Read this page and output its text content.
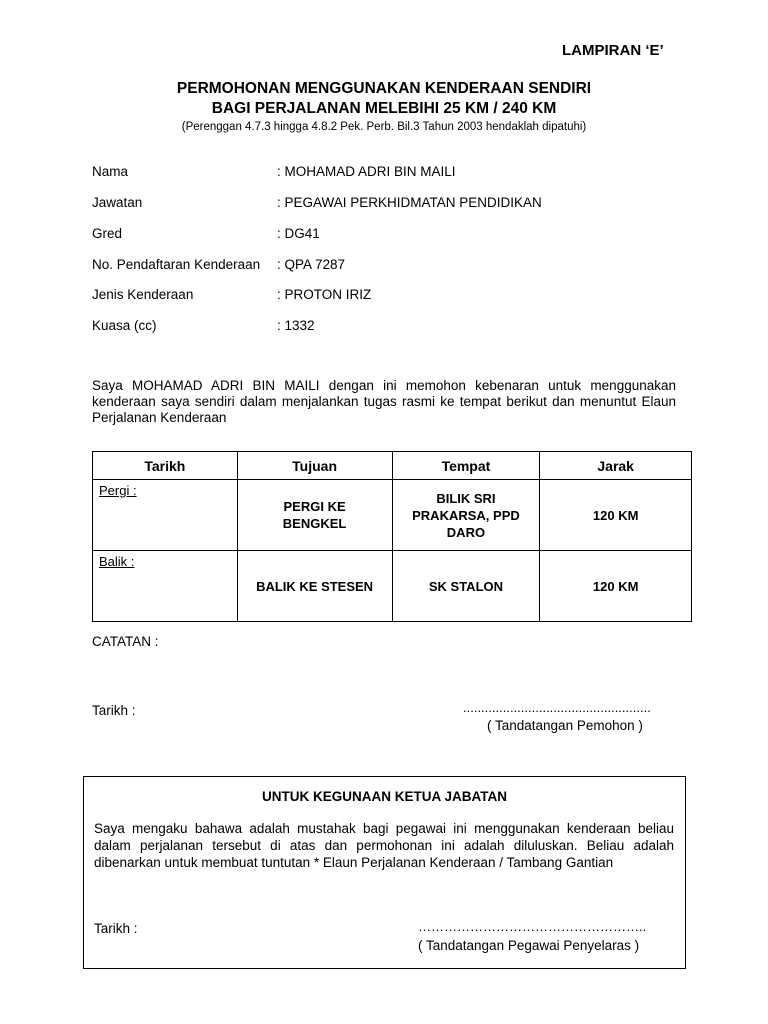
LAMPIRAN ‘E’
PERMOHONAN MENGGUNAKAN KENDERAAN SENDIRI
BAGI PERJALANAN MELEBIHI 25 KM / 240 KM
(Perenggan 4.7.3 hingga 4.8.2 Pek. Perb. Bil.3 Tahun 2003 hendaklah dipatuhi)
Nama	: MOHAMAD ADRI BIN MAILI
Jawatan	: PEGAWAI PERKHIDMATAN PENDIDIKAN
Gred	: DG41
No. Pendaftaran Kenderaan : QPA 7287
Jenis Kenderaan	: PROTON IRIZ
Kuasa (cc)	: 1332
Saya MOHAMAD ADRI BIN MAILI dengan ini memohon kebenaran untuk menggunakan kenderaan saya sendiri dalam menjalankan tugas rasmi ke tempat berikut dan menuntut Elaun Perjalanan Kenderaan
Tarikh	Tujuan	Tempat	Jarak
Pergi :	PERGI KE BENGKEL	BILIK SRI PRAKARSA, PPD DARO	120 KM
Balik :	BALIK KE STESEN	SK STALON	120 KM
CATATAN :
Tarikh :	....................................................
( Tandatangan Pemohon )
UNTUK KEGUNAAN KETUA JABATAN
Saya mengaku bahawa adalah mustahak bagi pegawai ini menggunakan kenderaan beliau dalam perjalanan tersebut di atas dan permohonan ini adalah diluluskan. Beliau adalah dibenarkan untuk membuat tuntutan * Elaun Perjalanan Kenderaan / Tambang Gantian
Tarikh :	……………………………………………..
( Tandatangan Pegawai Penyelaras )
